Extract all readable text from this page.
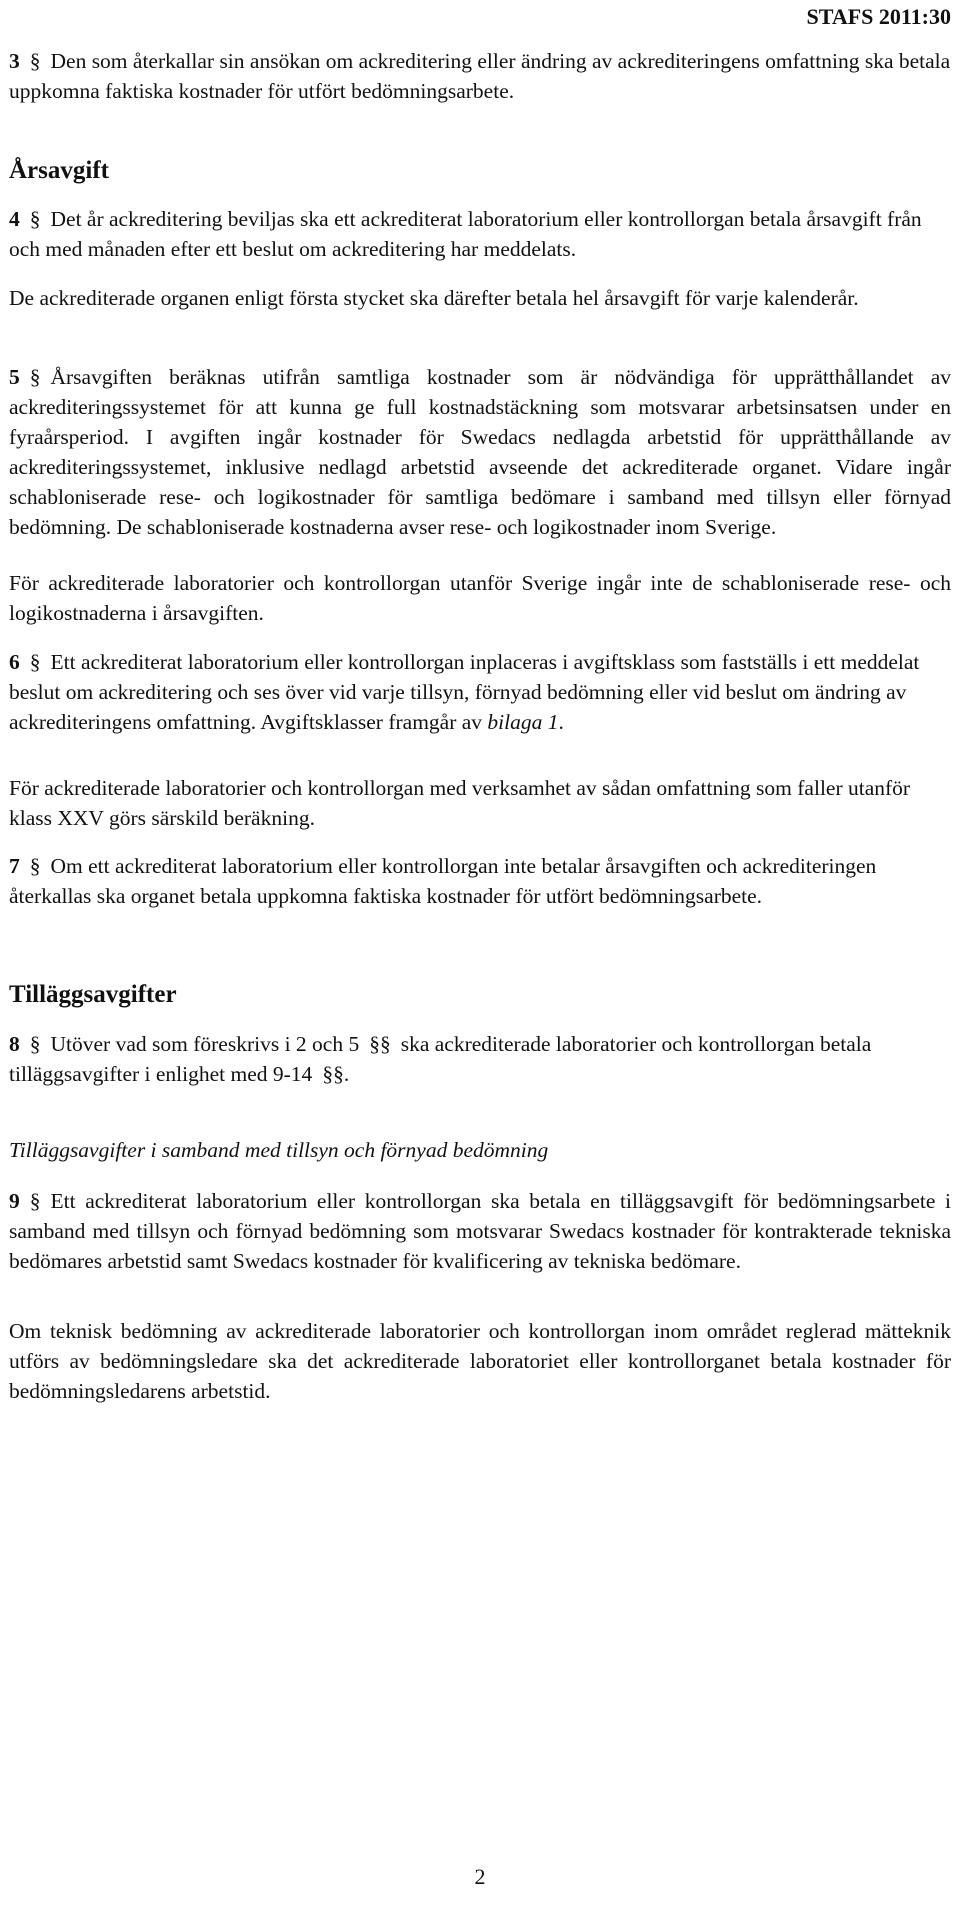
STAFS 2011:30

3 § Den som återkallar sin ansökan om ackreditering eller ändring av ackrediteringens omfattning ska betala uppkomna faktiska kostnader för utfört bedömningsarbete.

Årsavgift

4 § Det år ackreditering beviljas ska ett ackrediterat laboratorium eller kontrollorgan betala årsavgift från och med månaden efter ett beslut om ackreditering har meddelats.

De ackrediterade organen enligt första stycket ska därefter betala hel årsavgift för varje kalenderår.

5 § Årsavgiften beräknas utifrån samtliga kostnader som är nödvändiga för upprätthållandet av ackrediteringssystemet för att kunna ge full kostnadstäckning som motsvarar arbetsinsatsen under en fyraårsperiod. I avgiften ingår kostnader för Swedacs nedlagda arbetstid för upprätthållande av ackrediteringssystemet, inklusive nedlagd arbetstid avseende det ackrediterade organet. Vidare ingår schabloniserade rese- och logikostnader för samtliga bedömare i samband med tillsyn eller förnyad bedömning. De schabloniserade kostnaderna avser rese- och logikostnader inom Sverige.

För ackrediterade laboratorier och kontrollorgan utanför Sverige ingår inte de schabloniserade rese- och logikostnaderna i årsavgiften.

6 § Ett ackrediterat laboratorium eller kontrollorgan inplaceras i avgiftsklass som fastställs i ett meddelat beslut om ackreditering och ses över vid varje tillsyn, förnyad bedömning eller vid beslut om ändring av ackrediteringens omfattning. Avgiftsklasser framgår av bilaga 1.

För ackrediterade laboratorier och kontrollorgan med verksamhet av sådan omfattning som faller utanför klass XXV görs särskild beräkning.

7 § Om ett ackrediterat laboratorium eller kontrollorgan inte betalar årsavgiften och ackrediteringen återkallas ska organet betala uppkomna faktiska kostnader för utfört bedömningsarbete.

Tilläggsavgifter

8 § Utöver vad som föreskrivs i 2 och 5 §§ ska ackrediterade laboratorier och kontrollorgan betala tilläggsavgifter i enlighet med 9-14 §§.

Tilläggsavgifter i samband med tillsyn och förnyad bedömning

9 § Ett ackrediterat laboratorium eller kontrollorgan ska betala en tilläggsavgift för bedömningsarbete i samband med tillsyn och förnyad bedömning som motsvarar Swedacs kostnader för kontrakterade tekniska bedömares arbetstid samt Swedacs kostnader för kvalificering av tekniska bedömare.

Om teknisk bedömning av ackrediterade laboratorier och kontrollorgan inom området reglerad mätteknik utförs av bedömningsledare ska det ackrediterade laboratoriet eller kontrollorganet betala kostnader för bedömningsledarens arbetstid.

2
